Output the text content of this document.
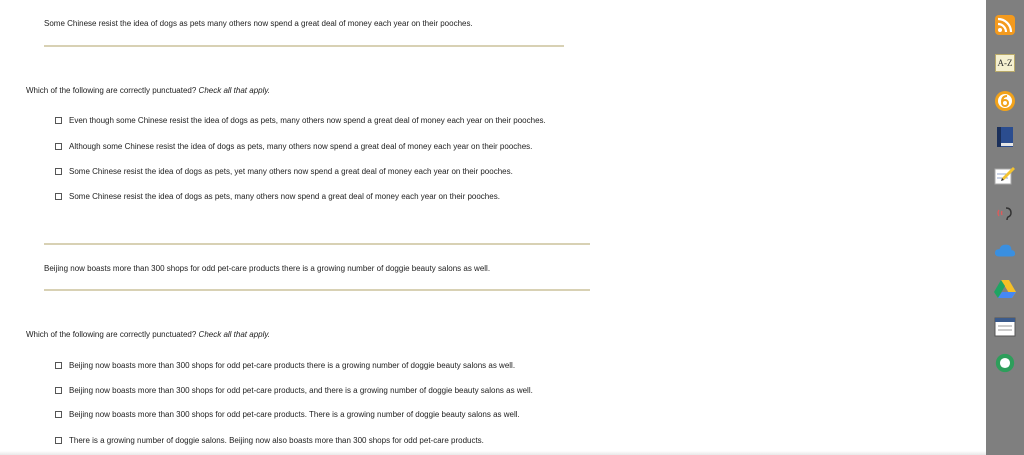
Some Chinese resist the idea of dogs as pets many others now spend a great deal of money each year on their pooches.
Which of the following are correctly punctuated? Check all that apply.
Even though some Chinese resist the idea of dogs as pets, many others now spend a great deal of money each year on their pooches.
Although some Chinese resist the idea of dogs as pets, many others now spend a great deal of money each year on their pooches.
Some Chinese resist the idea of dogs as pets, yet many others now spend a great deal of money each year on their pooches.
Some Chinese resist the idea of dogs as pets, many others now spend a great deal of money each year on their pooches.
Beijing now boasts more than 300 shops for odd pet-care products there is a growing number of doggie beauty salons as well.
Which of the following are correctly punctuated? Check all that apply.
Beijing now boasts more than 300 shops for odd pet-care products there is a growing number of doggie beauty salons as well.
Beijing now boasts more than 300 shops for odd pet-care products, and there is a growing number of doggie beauty salons as well.
Beijing now boasts more than 300 shops for odd pet-care products. There is a growing number of doggie beauty salons as well.
There is a growing number of doggie salons. Beijing now also boasts more than 300 shops for odd pet-care products.
A-Z
